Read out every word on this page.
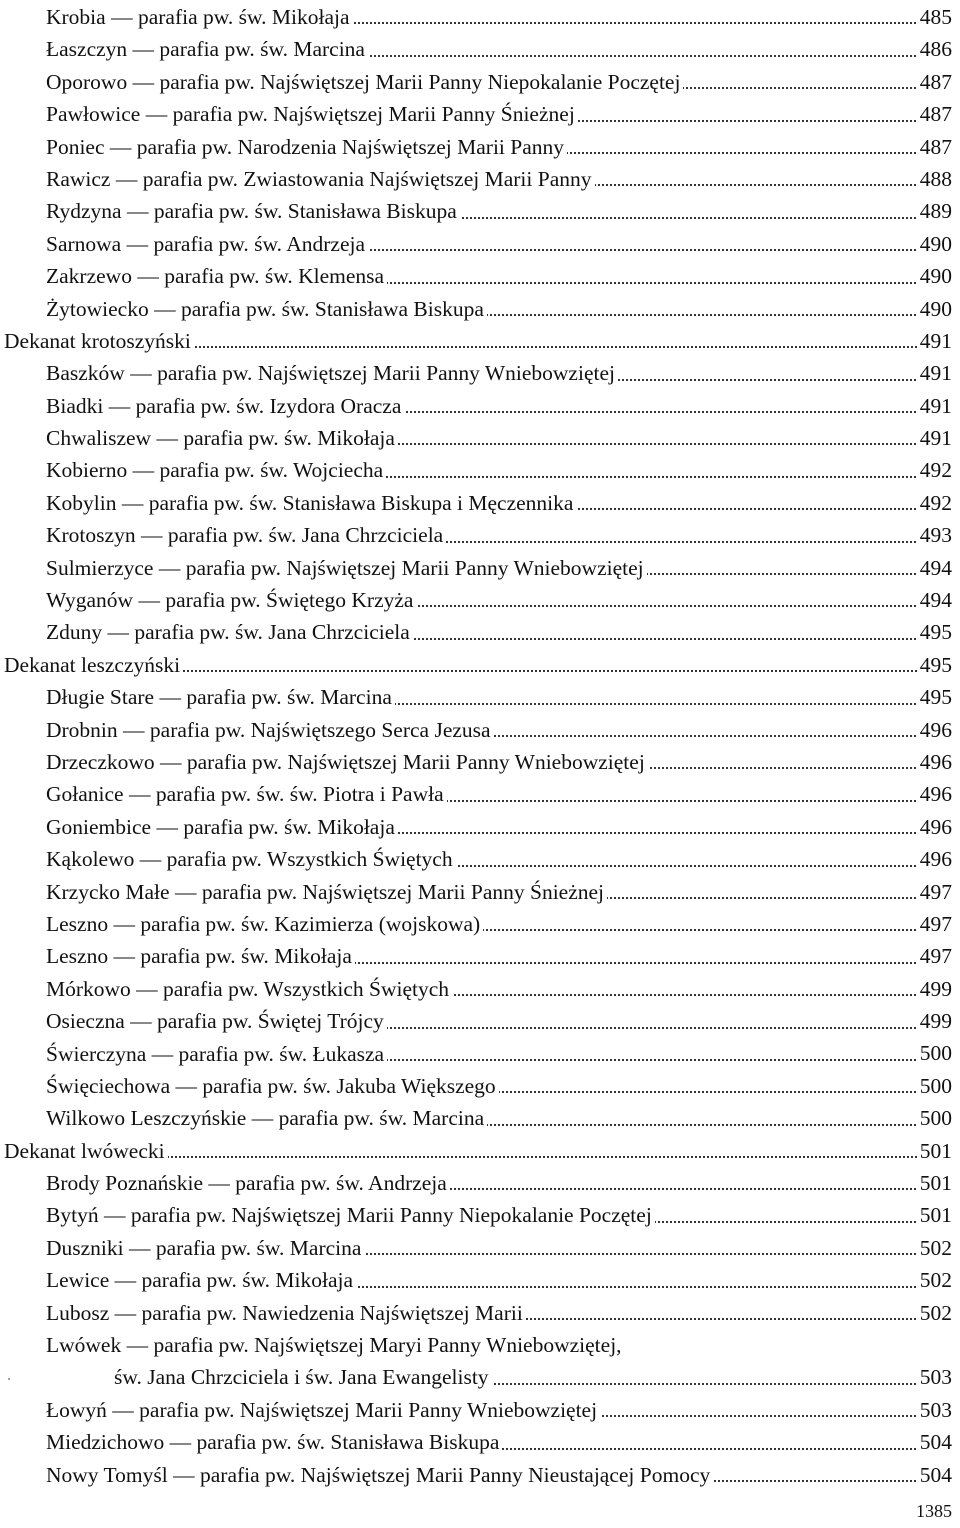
Krobia — parafia pw. św. Mikołaja	485
Łaszczyn — parafia pw. św. Marcina	486
Oporowo — parafia pw. Najświętszej Marii Panny Niepokalanie Poczętej	487
Pawłowice — parafia pw. Najświętszej Marii Panny Śnieżnej	487
Poniec — parafia pw. Narodzenia Najświętszej Marii Panny	487
Rawicz — parafia pw. Zwiastowania Najświętszej Marii Panny	488
Rydzyna — parafia pw. św. Stanisława Biskupa	489
Sarnowa — parafia pw. św. Andrzeja	490
Zakrzewo — parafia pw. św. Klemensa	490
Żytowiecko — parafia pw. św. Stanisława Biskupa	490
Dekanat krotoszyński	491
Baszków — parafia pw. Najświętszej Marii Panny Wniebowziętej	491
Biadki — parafia pw. św. Izydora Oracza	491
Chwaliszew — parafia pw. św. Mikołaja	491
Kobierno — parafia pw. św. Wojciecha	492
Kobylin — parafia pw. św. Stanisława Biskupa i Męczennika	492
Krotoszyn — parafia pw. św. Jana Chrzciciela	493
Sulmierzyce — parafia pw. Najświętszej Marii Panny Wniebowziętej	494
Wyganów — parafia pw. Świętego Krzyża	494
Zduny — parafia pw. św. Jana Chrzciciela	495
Dekanat leszczyński	495
Długie Stare — parafia pw. św. Marcina	495
Drobnin — parafia pw. Najświętszego Serca Jezusa	496
Drzeczkowo — parafia pw. Najświętszej Marii Panny Wniebowziętej	496
Gołanice — parafia pw. św. św. Piotra i Pawła	496
Goniembice — parafia pw. św. Mikołaja	496
Kąkolewo — parafia pw. Wszystkich Świętych	496
Krzycko Małe — parafia pw. Najświętszej Marii Panny Śnieżnej	497
Leszno — parafia pw. św. Kazimierza (wojskowa)	497
Leszno — parafia pw. św. Mikołaja	497
Mórkowo — parafia pw. Wszystkich Świętych	499
Osieczna — parafia pw. Świętej Trójcy	499
Świerczyna — parafia pw. św. Łukasza	500
Święciechowa — parafia pw. św. Jakuba Większego	500
Wilkowo Leszczyńskie — parafia pw. św. Marcina	500
Dekanat lwówecki	501
Brody Poznańskie — parafia pw. św. Andrzeja	501
Bytyń — parafia pw. Najświętszej Marii Panny Niepokalanie Poczętej	501
Duszniki — parafia pw. św. Marcina	502
Lewice — parafia pw. św. Mikołaja	502
Lubosz — parafia pw. Nawiedzenia Najświętszej Marii	502
Lwówek — parafia pw. Najświętszej Maryi Panny Wniebowziętej,
św. Jana Chrzciciela i św. Jana Ewangelisty	503
Łowyń — parafia pw. Najświętszej Marii Panny Wniebowziętej	503
Miedzichowo — parafia pw. św. Stanisława Biskupa	504
Nowy Tomyśl — parafia pw. Najświętszej Marii Panny Nieustającej Pomocy	504
1385
